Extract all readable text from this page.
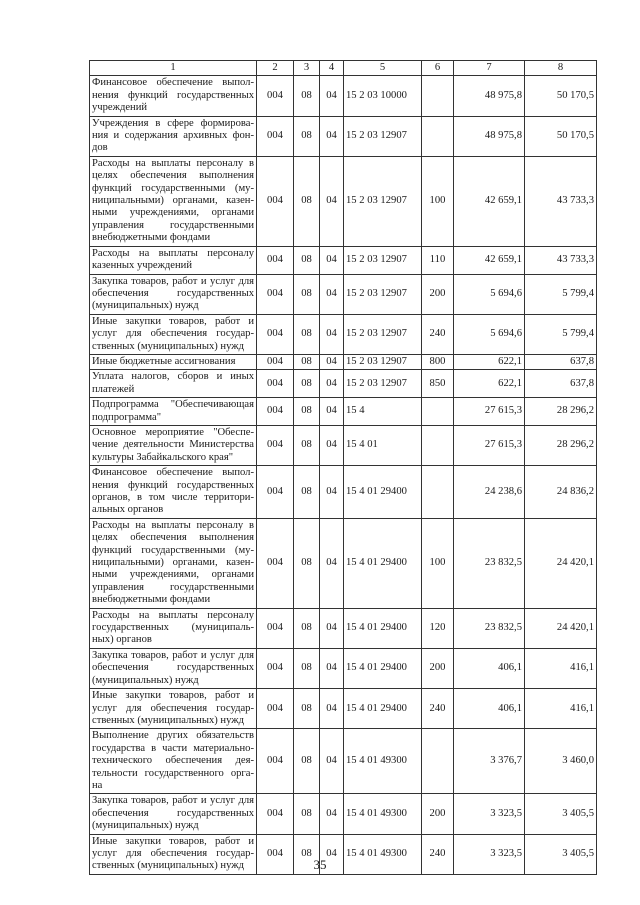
1	2	3	4	5	6	7	8
Финансовое обеспечение выпол-нения функций государственных учреждений	004	08	04	15 2 03 10000		48 975,8	50 170,5
Учреждения в сфере формирова-ния и содержания архивных фон-дов	004	08	04	15 2 03 12907		48 975,8	50 170,5
Расходы на выплаты персоналу в целях обеспечения выполнения функций государственными (му-ниципальными) органами, казен-ными учреждениями, органами управления государственными внебюджетными фондами	004	08	04	15 2 03 12907	100	42 659,1	43 733,3
Расходы на выплаты персоналу казенных учреждений	004	08	04	15 2 03 12907	110	42 659,1	43 733,3
Закупка товаров, работ и услуг для обеспечения государственных (муниципальных) нужд	004	08	04	15 2 03 12907	200	5 694,6	5 799,4
Иные закупки товаров, работ и услуг для обеспечения государ-ственных (муниципальных) нужд	004	08	04	15 2 03 12907	240	5 694,6	5 799,4
Иные бюджетные ассигнования	004	08	04	15 2 03 12907	800	622,1	637,8
Уплата налогов, сборов и иных платежей	004	08	04	15 2 03 12907	850	622,1	637,8
Подпрограмма "Обеспечивающая подпрограмма"	004	08	04	15 4		27 615,3	28 296,2
Основное мероприятие "Обеспе-чение деятельности Министерства культуры Забайкальского края"	004	08	04	15 4 01		27 615,3	28 296,2
Финансовое обеспечение выпол-нения функций государственных органов, в том числе территори-альных органов	004	08	04	15 4 01 29400		24 238,6	24 836,2
Расходы на выплаты персоналу в целях обеспечения выполнения функций государственными (му-ниципальными) органами, казен-ными учреждениями, органами управления государственными внебюджетными фондами	004	08	04	15 4 01 29400	100	23 832,5	24 420,1
Расходы на выплаты персоналу государственных (муниципаль-ных) органов	004	08	04	15 4 01 29400	120	23 832,5	24 420,1
Закупка товаров, работ и услуг для обеспечения государственных (муниципальных) нужд	004	08	04	15 4 01 29400	200	406,1	416,1
Иные закупки товаров, работ и услуг для обеспечения государ-ственных (муниципальных) нужд	004	08	04	15 4 01 29400	240	406,1	416,1
Выполнение других обязательств государства в части материально-технического обеспечения дея-тельности государственного орга-на	004	08	04	15 4 01 49300		3 376,7	3 460,0
Закупка товаров, работ и услуг для обеспечения государственных (муниципальных) нужд	004	08	04	15 4 01 49300	200	3 323,5	3 405,5
Иные закупки товаров, работ и услуг для обеспечения государ-ственных (муниципальных) нужд	004	08	04	15 4 01 49300	240	3 323,5	3 405,5
35
